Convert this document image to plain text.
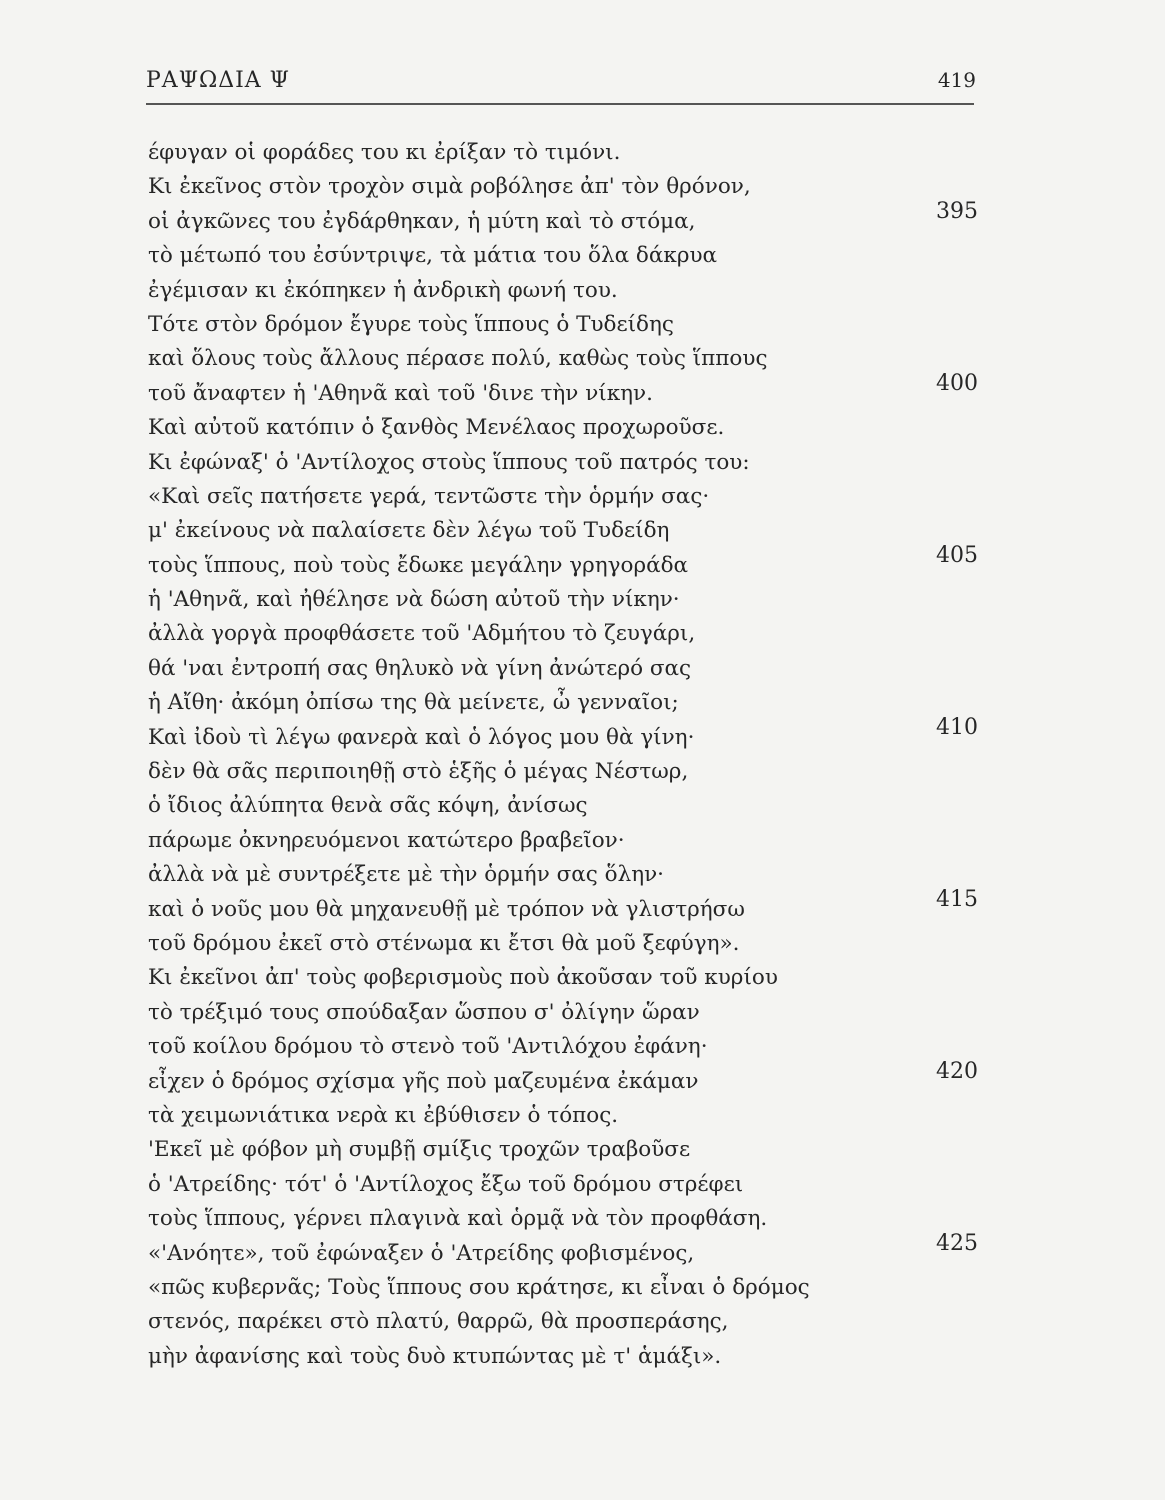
ΡΑΨΩΔΙΑ Ψ	419
έφυγαν οἱ φοράδες του κι ἐρίξαν τὸ τιμόνι.
Κι ἐκεῖνος στὸν τροχὸν σιμὰ ροβόλησε ἀπ' τὸν θρόνον,
οἱ ἀγκῶνες του ἐγδάρθηκαν, ἡ μύτη καὶ τὸ στόμα,	395
τὸ μέτωπό του ἐσύντριψε, τὰ μάτια του ὅλα δάκρυα
ἐγέμισαν κι ἐκόπηκεν ἡ ἀνδρικὴ φωνή του.
Τότε στὸν δρόμον ἔγυρε τοὺς ἵππους ὁ Τυδείδης
καὶ ὅλους τοὺς ἄλλους πέρασε πολύ, καθὼς τοὺς ἵππους
τοῦ ἄναφτεν ἡ 'Αθηνᾶ καὶ τοῦ 'δινε τὴν νίκην.	400
Καὶ αὐτοῦ κατόπιν ὁ ξανθὸς Μενέλαος προχωροῦσε.
Κι ἐφώναξ' ὁ 'Αντίλοχος στοὺς ἵππους τοῦ πατρός του:
«Καὶ σεῖς πατήσετε γερά, τεντῶστε τὴν ὁρμήν σας·
μ' ἐκείνους νὰ παλαίσετε δὲν λέγω τοῦ Τυδείδη
τοὺς ἵππους, ποὺ τοὺς ἔδωκε μεγάλην γρηγοράδα	405
ἡ 'Αθηνᾶ, καὶ ἠθέλησε νὰ δώση αὐτοῦ τὴν νίκην·
ἀλλὰ γοργὰ προφθάσετε τοῦ 'Αδμήτου τὸ ζευγάρι,
θά 'ναι ἐντροπή σας θηλυκὸ νὰ γίνη ἀνώτερό σας
ἡ Αἴθη· ἀκόμη ὀπίσω της θὰ μείνετε, ὦ γενναῖοι;
Καὶ ἰδοὺ τὶ λέγω φανερὰ καὶ ὁ λόγος μου θὰ γίνη·	410
δὲν θὰ σᾶς περιποιηθῇ στὸ ἑξῆς ὁ μέγας Νέστωρ,
ὁ ἴδιος ἀλύπητα θενὰ σᾶς κόψη, ἀνίσως
πάρωμε ὀκνηρευόμενοι κατώτερο βραβεῖον·
ἀλλὰ νὰ μὲ συντρέξετε μὲ τὴν ὁρμήν σας ὅλην·
καὶ ὁ νοῦς μου θὰ μηχανευθῇ μὲ τρόπον νὰ γλιστρήσω	415
τοῦ δρόμου ἐκεῖ στὸ στένωμα κι ἔτσι θὰ μοῦ ξεφύγη».
Κι ἐκεῖνοι ἀπ' τοὺς φοβερισμοὺς ποὺ ἀκοῦσαν τοῦ κυρίου
τὸ τρέξιμό τους σπούδαξαν ὥσπου σ' ὀλίγην ὥραν
τοῦ κοίλου δρόμου τὸ στενὸ τοῦ 'Αντιλόχου ἐφάνη·
εἶχεν ὁ δρόμος σχίσμα γῆς ποὺ μαζευμένα ἐκάμαν	420
τὰ χειμωνιάτικα νερὰ κι ἐβύθισεν ὁ τόπος.
'Εκεῖ μὲ φόβον μὴ συμβῇ σμίξις τροχῶν τραβοῦσε
ὁ 'Ατρείδης· τότ' ὁ 'Αντίλοχος ἔξω τοῦ δρόμου στρέφει
τοὺς ἵππους, γέρνει πλαγινὰ καὶ ὁρμᾷ νὰ τὸν προφθάση.
«'Ανόητε», τοῦ ἐφώναξεν ὁ 'Ατρείδης φοβισμένος,	425
«πῶς κυβερνᾶς; Τοὺς ἵππους σου κράτησε, κι εἶναι ὁ δρόμος
στενός, παρέκει στὸ πλατύ, θαρρῶ, θὰ προσπεράσης,
μὴν ἀφανίσης καὶ τοὺς δυὸ κτυπώντας μὲ τ' ἁμάξι».
